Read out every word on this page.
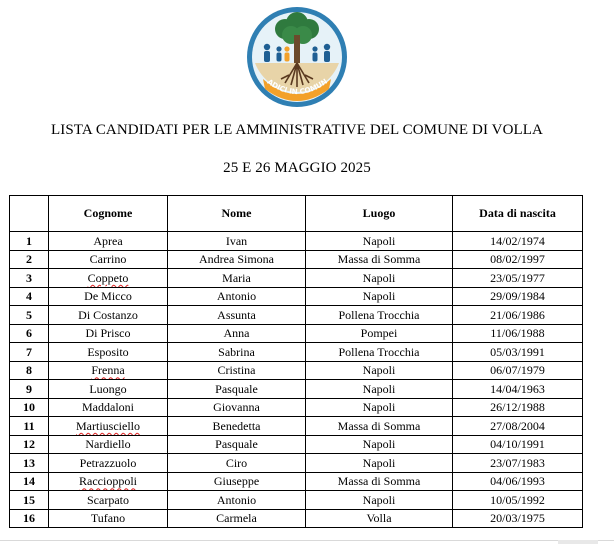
ADICI IN COMUN
LISTA CANDIDATI PER LE AMMINISTRATIVE DEL COMUNE DI VOLLA
25 E 26 MAGGIO 2025
	Cognome	Nome	Luogo	Data di nascita
1	Aprea	Ivan	Napoli	14/02/1974
2	Carrino	Andrea Simona	Massa di Somma	08/02/1997
3	Coppeto	Maria	Napoli	23/05/1977
4	De Micco	Antonio	Napoli	29/09/1984
5	Di Costanzo	Assunta	Pollena Trocchia	21/06/1986
6	Di Prisco	Anna	Pompei	11/06/1988
7	Esposito	Sabrina	Pollena Trocchia	05/03/1991
8	Frenna	Cristina	Napoli	06/07/1979
9	Luongo	Pasquale	Napoli	14/04/1963
10	Maddaloni	Giovanna	Napoli	26/12/1988
11	Martiusciello	Benedetta	Massa di Somma	27/08/2004
12	Nardiello	Pasquale	Napoli	04/10/1991
13	Petrazzuolo	Ciro	Napoli	23/07/1983
14	Raccioppoli	Giuseppe	Massa di Somma	04/06/1993
15	Scarpato	Antonio	Napoli	10/05/1992
16	Tufano	Carmela	Volla	20/03/1975
